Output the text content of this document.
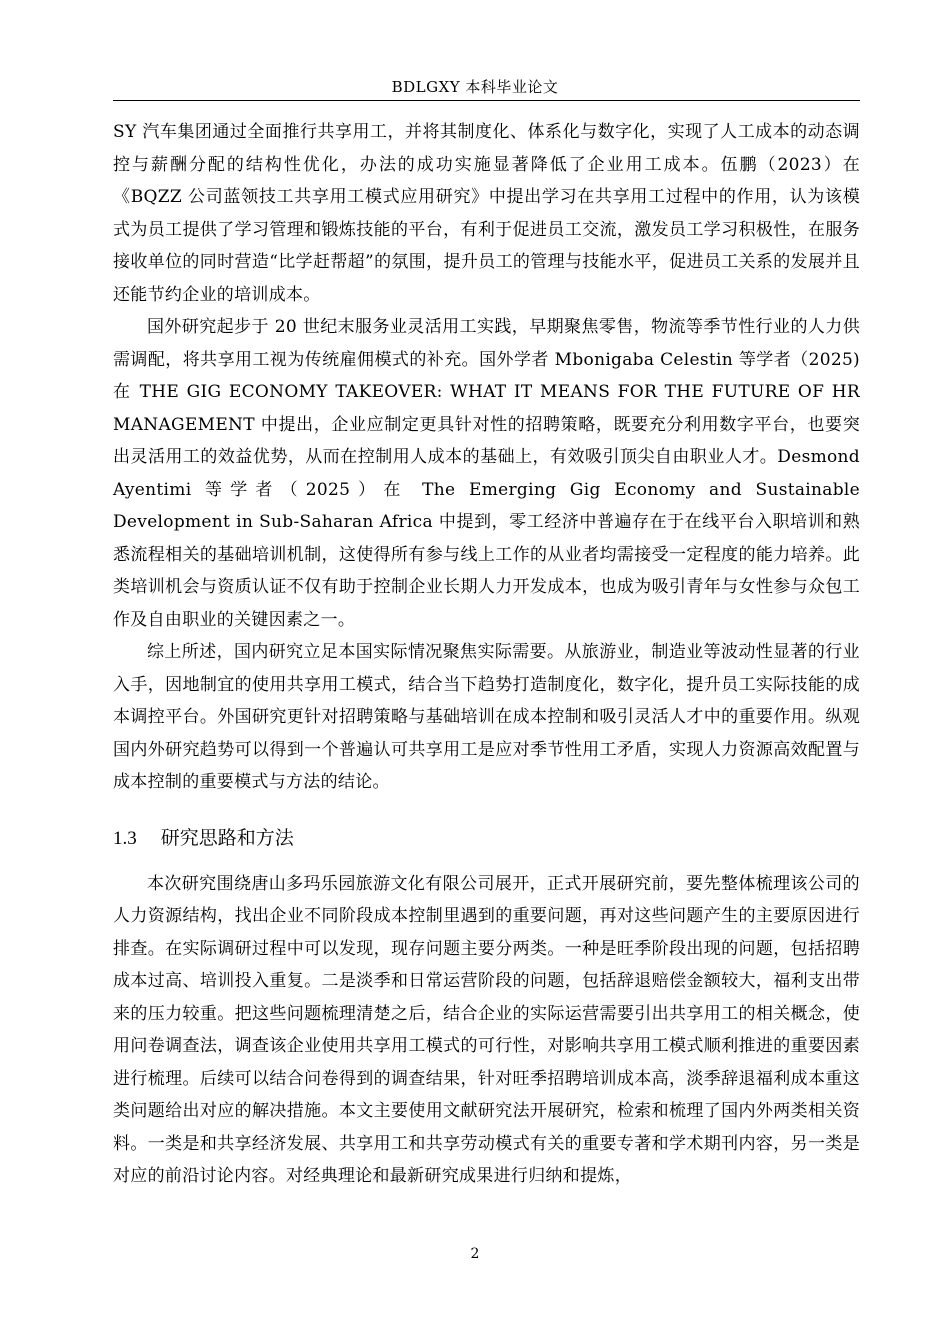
BDLGXY 本科毕业论文

SY 汽车集团通过全面推行共享用工，并将其制度化、体系化与数字化，实现了人工成本的动态调控与薪酬分配的结构性优化，办法的成功实施显著降低了企业用工成本。伍鹏（2023）在《BQZZ 公司蓝领技工共享用工模式应用研究》中提出学习在共享用工过程中的作用，认为该模式为员工提供了学习管理和锻炼技能的平台，有利于促进员工交流，激发员工学习积极性，在服务接收单位的同时营造“比学赶帮超”的氛围，提升员工的管理与技能水平，促进员工关系的发展并且还能节约企业的培训成本。

国外研究起步于 20 世纪末服务业灵活用工实践，早期聚焦零售，物流等季节性行业的人力供需调配，将共享用工视为传统雇佣模式的补充。国外学者 Mbonigaba Celestin 等学者（2025)在 THE GIG ECONOMY TAKEOVER: WHAT IT MEANS FOR THE FUTURE OF HR MANAGEMENT 中提出，企业应制定更具针对性的招聘策略，既要充分利用数字平台，也要突出灵活用工的效益优势，从而在控制用人成本的基础上，有效吸引顶尖自由职业人才。Desmond Ayentimi 等学者（2025）在 The Emerging Gig Economy and Sustainable Development in Sub-Saharan Africa 中提到，零工经济中普遍存在于在线平台入职培训和熟悉流程相关的基础培训机制，这使得所有参与线上工作的从业者均需接受一定程度的能力培养。此类培训机会与资质认证不仅有助于控制企业长期人力开发成本，也成为吸引青年与女性参与众包工作及自由职业的关键因素之一。

综上所述，国内研究立足本国实际情况聚焦实际需要。从旅游业，制造业等波动性显著的行业入手，因地制宜的使用共享用工模式，结合当下趋势打造制度化，数字化，提升员工实际技能的成本调控平台。外国研究更针对招聘策略与基础培训在成本控制和吸引灵活人才中的重要作用。纵观国内外研究趋势可以得到一个普遍认可共享用工是应对季节性用工矛盾，实现人力资源高效配置与成本控制的重要模式与方法的结论。

1.3 研究思路和方法

本次研究围绕唐山多玛乐园旅游文化有限公司展开，正式开展研究前，要先整体梳理该公司的人力资源结构，找出企业不同阶段成本控制里遇到的重要问题，再对这些问题产生的主要原因进行排查。在实际调研过程中可以发现，现存问题主要分两类。一种是旺季阶段出现的问题，包括招聘成本过高、培训投入重复。二是淡季和日常运营阶段的问题，包括辞退赔偿金额较大，福利支出带来的压力较重。把这些问题梳理清楚之后，结合企业的实际运营需要引出共享用工的相关概念，使用问卷调查法，调查该企业使用共享用工模式的可行性，对影响共享用工模式顺利推进的重要因素进行梳理。后续可以结合问卷得到的调查结果，针对旺季招聘培训成本高，淡季辞退福利成本重这类问题给出对应的解决措施。本文主要使用文献研究法开展研究，检索和梳理了国内外两类相关资料。一类是和共享经济发展、共享用工和共享劳动模式有关的重要专著和学术期刊内容，另一类是对应的前沿讨论内容。对经典理论和最新研究成果进行归纳和提炼，

2
